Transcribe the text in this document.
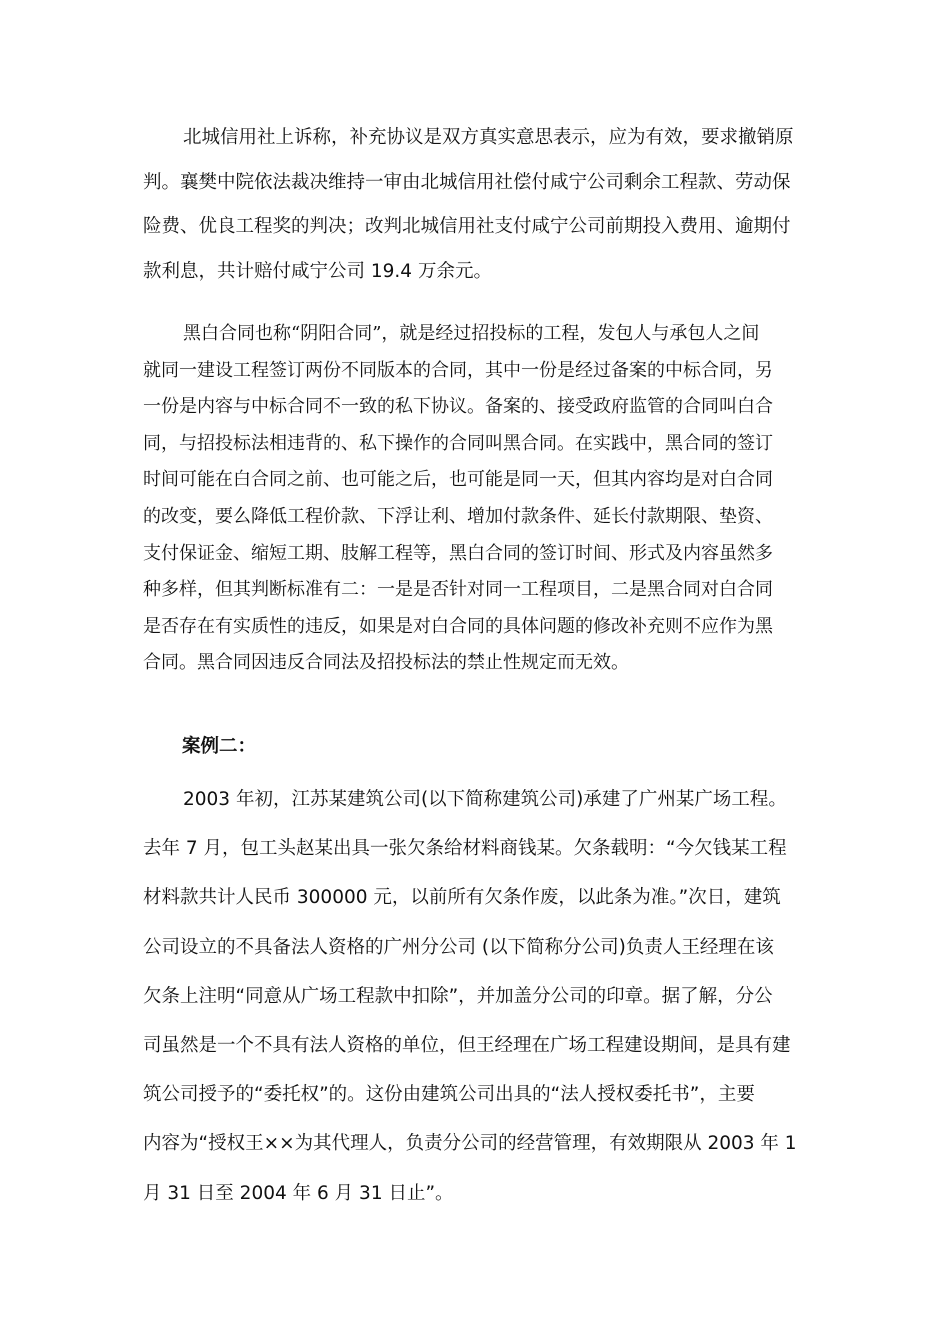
北城信用社上诉称，补充协议是双方真实意思表示，应为有效，要求撤销原
判。襄樊中院依法裁决维持一审由北城信用社偿付咸宁公司剩余工程款、劳动保
险费、优良工程奖的判决；改判北城信用社支付咸宁公司前期投入费用、逾期付
款利息，共计赔付咸宁公司 19.4 万余元。

黑白合同也称“阴阳合同”，就是经过招投标的工程，发包人与承包人之间
就同一建设工程签订两份不同版本的合同，其中一份是经过备案的中标合同，另
一份是内容与中标合同不一致的私下协议。备案的、接受政府监管的合同叫白合
同，与招投标法相违背的、私下操作的合同叫黑合同。在实践中，黑合同的签订
时间可能在白合同之前、也可能之后，也可能是同一天，但其内容均是对白合同
的改变，要么降低工程价款、下浮让利、增加付款条件、延长付款期限、垫资、
支付保证金、缩短工期、肢解工程等，黑白合同的签订时间、形式及内容虽然多
种多样，但其判断标准有二：一是是否针对同一工程项目，二是黑合同对白合同
是否存在有实质性的违反，如果是对白合同的具体问题的修改补充则不应作为黑
合同。黑合同因违反合同法及招投标法的禁止性规定而无效。

案例二：

2003 年初，江苏某建筑公司(以下简称建筑公司)承建了广州某广场工程。
去年 7 月，包工头赵某出具一张欠条给材料商钱某。欠条载明：“今欠钱某工程
材料款共计人民币 300000 元，以前所有欠条作废，以此条为准。”次日，建筑
公司设立的不具备法人资格的广州分公司 (以下简称分公司)负责人王经理在该
欠条上注明“同意从广场工程款中扣除”，并加盖分公司的印章。据了解，分公
司虽然是一个不具有法人资格的单位，但王经理在广场工程建设期间，是具有建
筑公司授予的“委托权”的。这份由建筑公司出具的“法人授权委托书”，主要
内容为“授权王××为其代理人，负责分公司的经营管理，有效期限从 2003 年 1
月 31 日至 2004 年 6 月 31 日止”。
